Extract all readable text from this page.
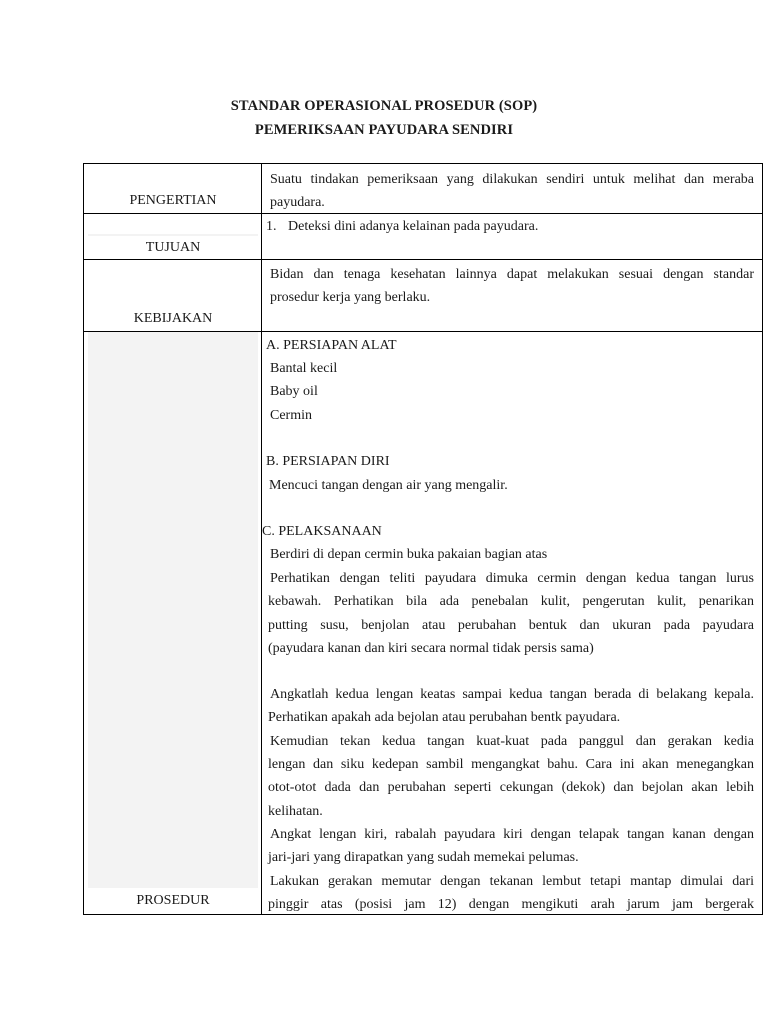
STANDAR OPERASIONAL PROSEDUR (SOP)
PEMERIKSAAN PAYUDARA SENDIRI
PENGERTIAN
Suatu tindakan pemeriksaan yang dilakukan sendiri untuk melihat dan meraba
payudara.
TUJUAN
1. Deteksi dini adanya kelainan pada payudara.
KEBIJAKAN
Bidan dan tenaga kesehatan lainnya dapat melakukan sesuai dengan standar
prosedur kerja yang berlaku.
PROSEDUR
A. PERSIAPAN ALAT
Bantal kecil
Baby oil
Cermin
B. PERSIAPAN DIRI
Mencuci tangan dengan air yang mengalir.
C. PELAKSANAAN
Berdiri di depan cermin buka pakaian bagian atas
Perhatikan dengan teliti payudara dimuka cermin dengan kedua tangan lurus
kebawah. Perhatikan bila ada penebalan kulit, pengerutan kulit, penarikan
putting susu, benjolan atau perubahan bentuk dan ukuran pada payudara
(payudara kanan dan kiri secara normal tidak persis sama)
Angkatlah kedua lengan keatas sampai kedua tangan berada di belakang kepala.
Perhatikan apakah ada bejolan atau perubahan bentk payudara.
Kemudian tekan kedua tangan kuat-kuat pada panggul dan gerakan kedia
lengan dan siku kedepan sambil mengangkat bahu. Cara ini akan menegangkan
otot-otot dada dan perubahan seperti cekungan (dekok) dan bejolan akan lebih
kelihatan.
Angkat lengan kiri, rabalah payudara kiri dengan telapak tangan kanan dengan
jari-jari yang dirapatkan yang sudah memekai pelumas.
Lakukan gerakan memutar dengan tekanan lembut tetapi mantap dimulai dari
pinggir atas (posisi jam 12) dengan mengikuti arah jarum jam bergerak
